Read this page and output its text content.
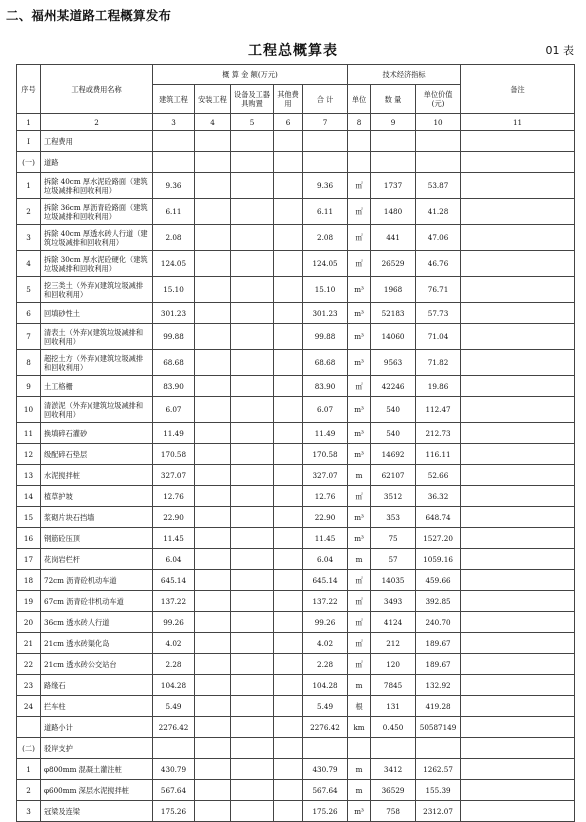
二、福州某道路工程概算发布
工程总概算表	01 表
序号	工程或费用名称	概 算 金 额(万元)					技术经济指标			备注
		建筑工程	安装工程	设备及工器具购置	其他费用	合 计	单位	数 量	单位价值(元)	
1	2	3	4	5	6	7	8	9	10	11
Ⅰ	工程费用									
(一)	道路									
1	拆除 40cm 厚水泥砼路面（建筑垃圾减排和回收利用）	9.36				9.36	㎡	1737	53.87	
2	拆除 36cm 厚沥青砼路面（建筑垃圾减排和回收利用）	6.11				6.11	㎡	1480	41.28	
3	拆除 40cm 厚透水砖人行道（建筑垃圾减排和回收利用）	2.08				2.08	㎡	441	47.06	
4	拆除 30cm 厚水泥砼硬化（建筑垃圾减排和回收利用）	124.05				124.05	㎡	26529	46.76	
5	挖三类土（外弃)(建筑垃圾减排和回收利用）	15.10				15.10	m³	1968	76.71	
6	回填砂性土	301.23				301.23	m³	52183	57.73	
7	清表土（外弃)(建筑垃圾减排和回收利用）	99.88				99.88	m³	14060	71.04	
8	超挖土方（外弃)(建筑垃圾减排和回收利用）	68.68				68.68	m³	9563	71.82	
9	土工格栅	83.90				83.90	㎡	42246	19.86	
10	清淤泥（外弃)(建筑垃圾减排和回收利用）	6.07				6.07	m³	540	112.47	
11	换填碎石灌砂	11.49				11.49	m³	540	212.73	
12	级配碎石垫层	170.58				170.58	m³	14692	116.11	
13	水泥搅拌桩	327.07				327.07	m	62107	52.66	
14	植草护坡	12.76				12.76	㎡	3512	36.32	
15	浆砌片块石挡墙	22.90				22.90	m³	353	648.74	
16	钢筋砼压顶	11.45				11.45	m³	75	1527.20	
17	花岗岩栏杆	6.04				6.04	m	57	1059.16	
18	72cm 沥青砼机动车道	645.14				645.14	㎡	14035	459.66	
19	67cm 沥青砼非机动车道	137.22				137.22	㎡	3493	392.85	
20	36cm 透水砖人行道	99.26				99.26	㎡	4124	240.70	
21	21cm 透水砖渠化岛	4.02				4.02	㎡	212	189.67	
22	21cm 透水砖公交站台	2.28				2.28	㎡	120	189.67	
23	路缘石	104.28				104.28	m	7845	132.92	
24	拦车柱	5.49				5.49	根	131	419.28	
	道路小计	2276.42				2276.42	km	0.450	50587149	
(二)	驳岸支护									
1	φ800mm 混凝土灌注桩	430.79				430.79	m	3412	1262.57	
2	φ600mm 深层水泥搅拌桩	567.64				567.64	m	36529	155.39	
3	冠梁及连梁	175.26				175.26	m³	758	2312.07	
